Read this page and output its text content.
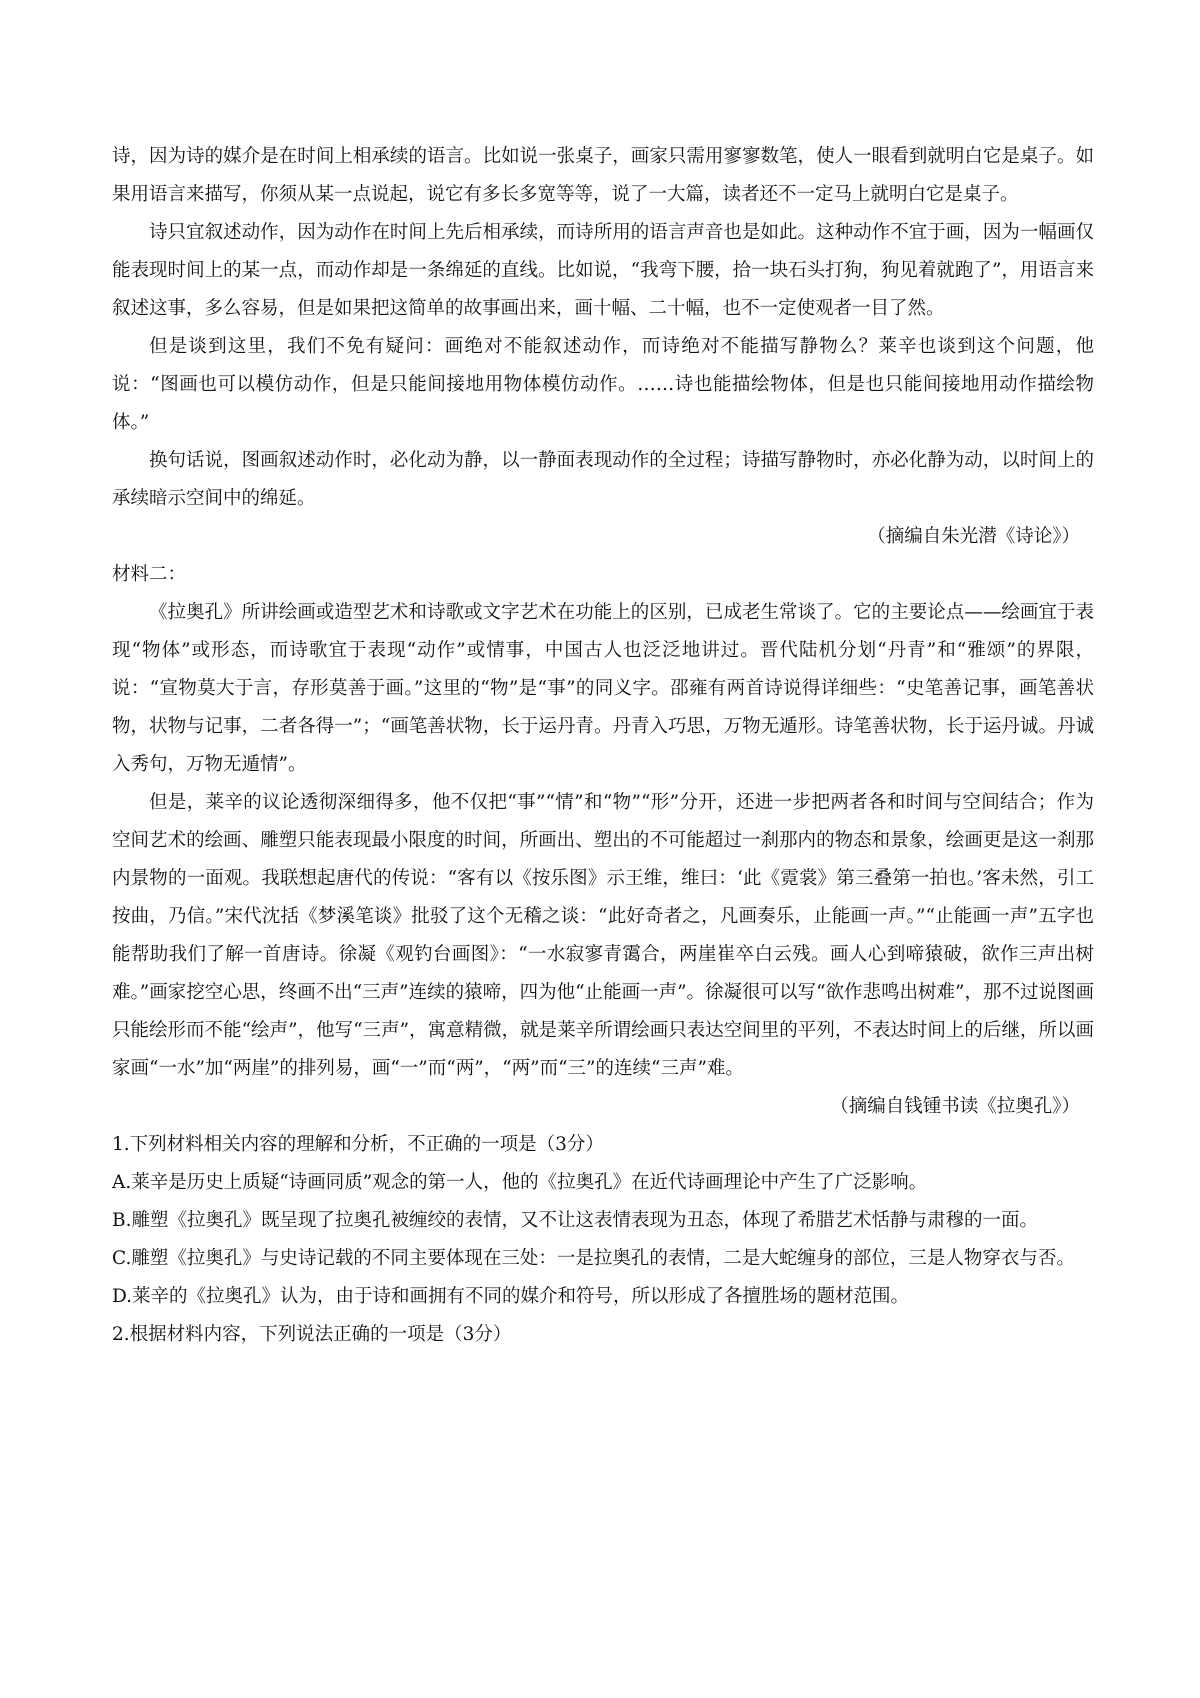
诗，因为诗的媒介是在时间上相承续的语言。比如说一张桌子，画家只需用寥寥数笔，使人一眼看到就明白它是桌子。如果用语言来描写，你须从某一点说起，说它有多长多宽等等，说了一大篇，读者还不一定马上就明白它是桌子。

诗只宜叙述动作，因为动作在时间上先后相承续，而诗所用的语言声音也是如此。这种动作不宜于画，因为一幅画仅能表现时间上的某一点，而动作却是一条绵延的直线。比如说，“我弯下腰，拾一块石头打狗，狗见着就跑了”，用语言来叙述这事，多么容易，但是如果把这简单的故事画出来，画十幅、二十幅，也不一定使观者一目了然。

但是谈到这里，我们不免有疑问：画绝对不能叙述动作，而诗绝对不能描写静物么？莱辛也谈到这个问题，他说：“图画也可以模仿动作，但是只能间接地用物体模仿动作。……诗也能描绘物体，但是也只能间接地用动作描绘物体。”

换句话说，图画叙述动作时，必化动为静，以一静面表现动作的全过程；诗描写静物时，亦必化静为动，以时间上的承续暗示空间中的绵延。

（摘编自朱光潜《诗论》）

材料二：

《拉奥孔》所讲绘画或造型艺术和诗歌或文字艺术在功能上的区别，已成老生常谈了。它的主要论点——绘画宜于表现“物体”或形态，而诗歌宜于表现“动作”或情事，中国古人也泛泛地讲过。晋代陆机分划“丹青”和“雅颂”的界限，说：“宣物莫大于言，存形莫善于画。”这里的“物”是“事”的同义字。邵雍有两首诗说得详细些：“史笔善记事，画笔善状物，状物与记事，二者各得一”；“画笔善状物，长于运丹青。丹青入巧思，万物无遁形。诗笔善状物，长于运丹诚。丹诚入秀句，万物无遁情”。

但是，莱辛的议论透彻深细得多，他不仅把“事”“情”和“物”“形”分开，还进一步把两者各和时间与空间结合；作为空间艺术的绘画、雕塑只能表现最小限度的时间，所画出、塑出的不可能超过一刹那内的物态和景象，绘画更是这一刹那内景物的一面观。我联想起唐代的传说：“客有以《按乐图》示王维，维曰：‘此《霓裳》第三叠第一拍也。’客未然，引工按曲，乃信。”宋代沈括《梦溪笔谈》批驳了这个无稽之谈：“此好奇者之，凡画奏乐，止能画一声。”“止能画一声”五字也能帮助我们了解一首唐诗。徐凝《观钓台画图》：“一水寂寥青霭合，两崖崔卒白云残。画人心到啼猿破，欲作三声出树难。”画家挖空心思，终画不出“三声”连续的猿啼，四为他“止能画一声”。徐凝很可以写“欲作悲鸣出树难”，那不过说图画只能绘形而不能“绘声”，他写“三声”，寓意精微，就是莱辛所谓绘画只表达空间里的平列，不表达时间上的后继，所以画家画“一水”加“两崖”的排列易，画“一”而“两”，“两”而“三”的连续“三声”难。

（摘编自钱锺书读《拉奥孔》）

1.下列材料相关内容的理解和分析，不正确的一项是（3分）

A.莱辛是历史上质疑“诗画同质”观念的第一人，他的《拉奥孔》在近代诗画理论中产生了广泛影响。

B.雕塑《拉奥孔》既呈现了拉奥孔被缠绞的表情，又不让这表情表现为丑态，体现了希腊艺术恬静与肃穆的一面。

C.雕塑《拉奥孔》与史诗记载的不同主要体现在三处：一是拉奥孔的表情，二是大蛇缠身的部位，三是人物穿衣与否。

D.莱辛的《拉奥孔》认为，由于诗和画拥有不同的媒介和符号，所以形成了各擅胜场的题材范围。

2.根据材料内容，下列说法正确的一项是（3分）
